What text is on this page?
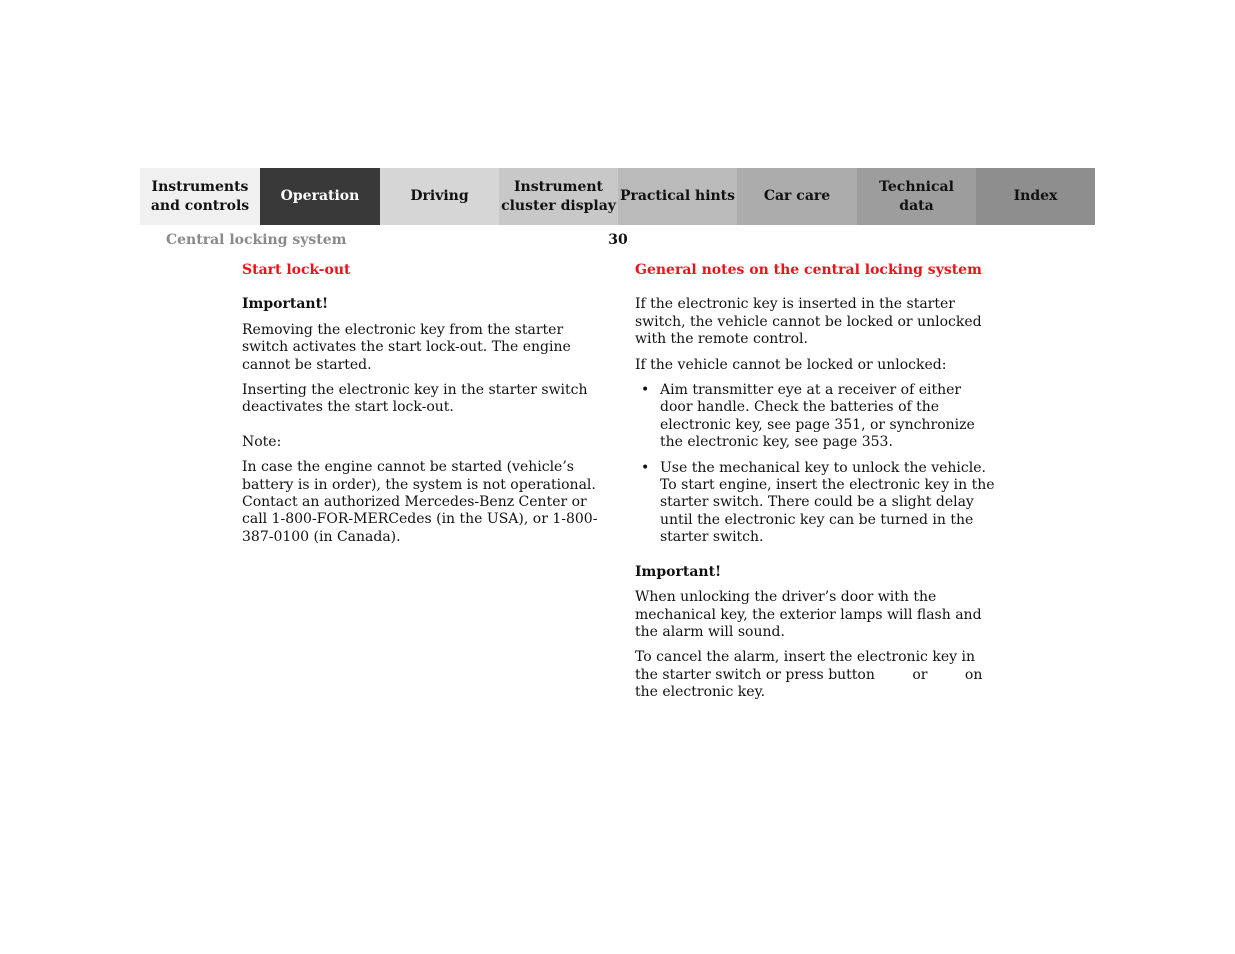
Instruments
and controls
Operation	Driving
Instrument
cluster display
Practical hints	Car care
Technical
data
Index
Central locking system	30
Start lock-out
Important!

Removing the electronic key from the starter switch activates the start lock-out. The engine cannot be started.

Inserting the electronic key in the starter switch deactivates the start lock-out.

Note:

In case the engine cannot be started (vehicle’s battery is in order), the system is not operational. Contact an authorized Mercedes-Benz Center or call 1-800-FOR-MERCedes (in the USA), or 1-800-387-0100 (in Canada).

General notes on the central locking system

If the electronic key is inserted in the starter switch, the vehicle cannot be locked or unlocked with the remote control.

If the vehicle cannot be locked or unlocked:

• Aim transmitter eye at a receiver of either door handle. Check the batteries of the electronic key, see page 351, or synchronize the electronic key, see page 353.
• Use the mechanical key to unlock the vehicle. To start engine, insert the electronic key in the starter switch. There could be a slight delay until the electronic key can be turned in the starter switch.
Important!

When unlocking the driver’s door with the mechanical key, the exterior lamps will flash and the alarm will sound.

To cancel the alarm, insert the electronic key in the starter switch or press button	or	on the electronic key.
